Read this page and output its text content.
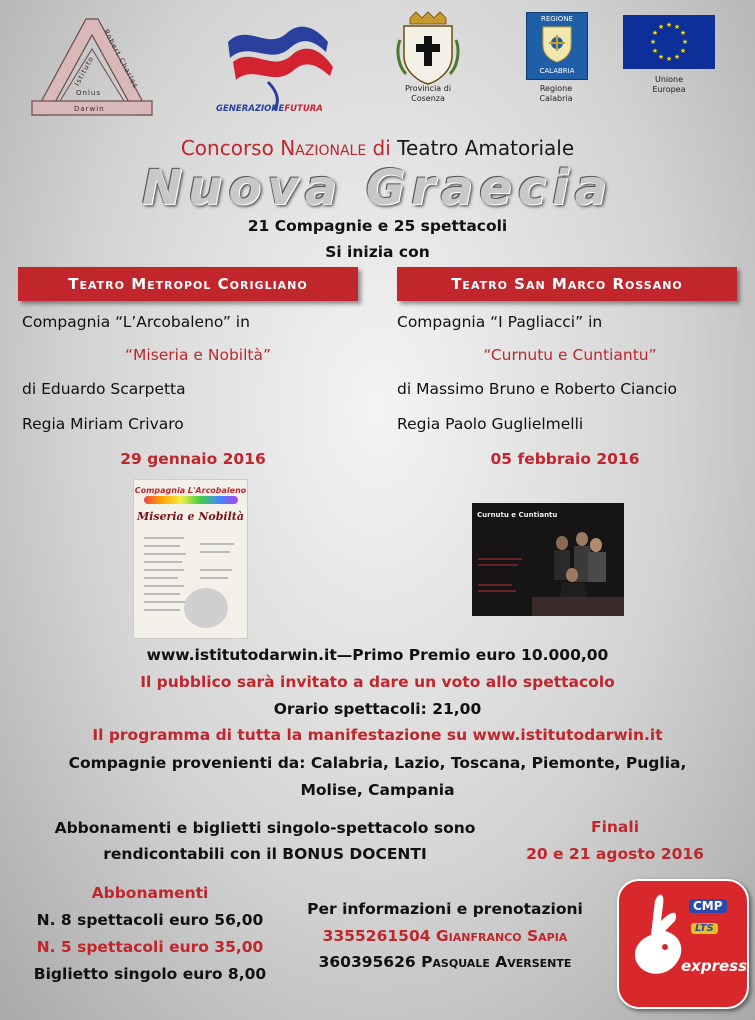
Istituto Robert Charles
Onlus
Darwin	GENERAZIONEFUTURA
Provincia di
Cosenza
REGIONE
CALABRIA
Regione
Calabria
★ ★
★
★
★
★
★
★
★
★
★
★
Unione
Europea
Concorso Nazionale di Teatro Amatoriale
Nuova Graecia
21 Compagnie e 25 spettacoli
Si inizia con
Teatro Metropol Corigliano
Compagnia “L’Arcobaleno” in
“Miseria e Nobiltà”
di Eduardo Scarpetta
Regia Miriam Crivaro
29 gennaio 2016
Compagnia L'Arcobaleno
Miseria e Nobiltà
Teatro San Marco Rossano
Compagnia “I Pagliacci” in
“Curnutu e Cuntiantu”
di Massimo Bruno e Roberto Ciancio
Regia Paolo Guglielmelli
05 febbraio 2016
Curnutu e Cuntiantu
www.istitutodarwin.it—Primo Premio euro 10.000,00
Il pubblico sarà invitato a dare un voto allo spettacolo
Orario spettacoli: 21,00
Il programma di tutta la manifestazione su www.istitutodarwin.it
Compagnie provenienti da: Calabria, Lazio, Toscana, Piemonte, Puglia,
Molise, Campania
Abbonamenti e biglietti singolo-spettacolo sono
rendicontabili con il BONUS DOCENTI
Finali
20 e 21 agosto 2016
Abbonamenti
N. 8 spettacoli euro 56,00
N. 5 spettacoli euro 35,00
Biglietto singolo euro 8,00
Per informazioni e prenotazioni
3355261504 Gianfranco Sapia
360395626 Pasquale Aversente
CMP
LTS
express
